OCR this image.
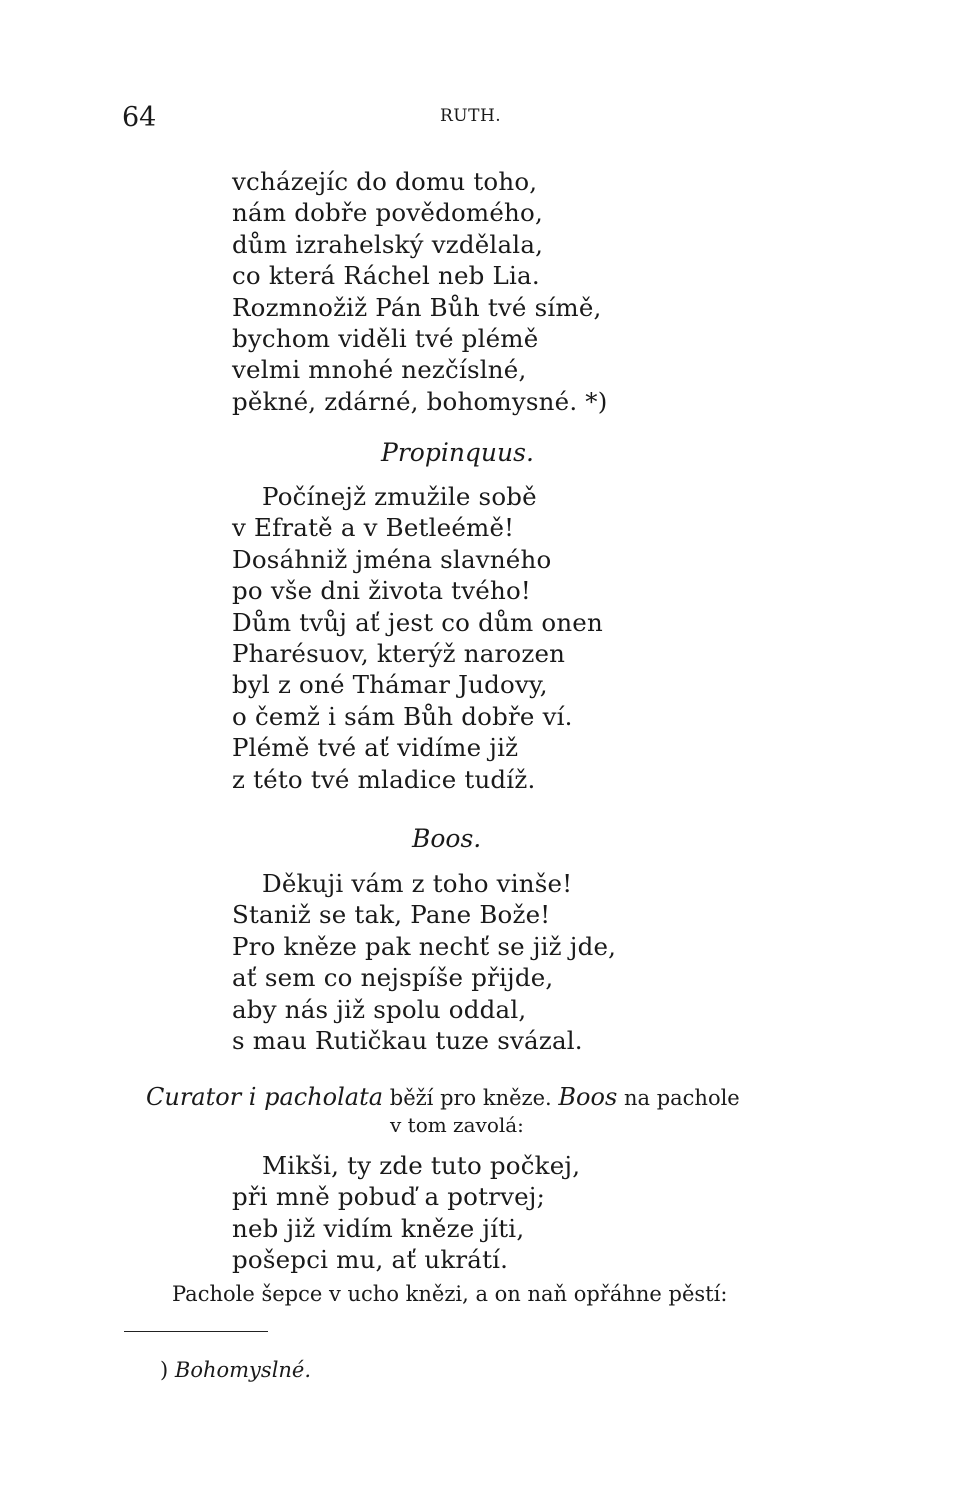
64	RUTH.
vcházejíc do domu toho,
nám dobře povědomého,
dům izrahelský vzdělala,
co která Ráchel neb Lia.
Rozmnožiž Pán Bůh tvé símě,
bychom viděli tvé plémě
velmi mnohé nezčíslné,
pěkné, zdárné, bohomysné. *)
Propinquus.
Počínejž zmužile sobě
v Efratě a v Betleémě!
Dosáhniž jména slavného
po vše dni života tvého!
Dům tvůj ať jest co dům onen
Pharésuov, kterýž narozen
byl z oné Thámar Judovy,
o čemž i sám Bůh dobře ví.
Plémě tvé ať vidíme již
z této tvé mladice tudíž.
Boos.
Děkuji vám z toho vinše!
Staniž se tak, Pane Bože!
Pro kněze pak nechť se již jde,
ať sem co nejspíše přijde,
aby nás již spolu oddal,
s mau Rutičkau tuze svázal.
Curator i pacholata běží pro kněze. Boos na pachole
v tom zavolá:
Mikši, ty zde tuto počkej,
při mně pobuď a potrvej;
neb již vidím kněze jíti,
pošepci mu, ať ukrátí.
Pachole šepce v ucho knězi, a on naň opřáhne pěstí:
) Bohomyslné.
